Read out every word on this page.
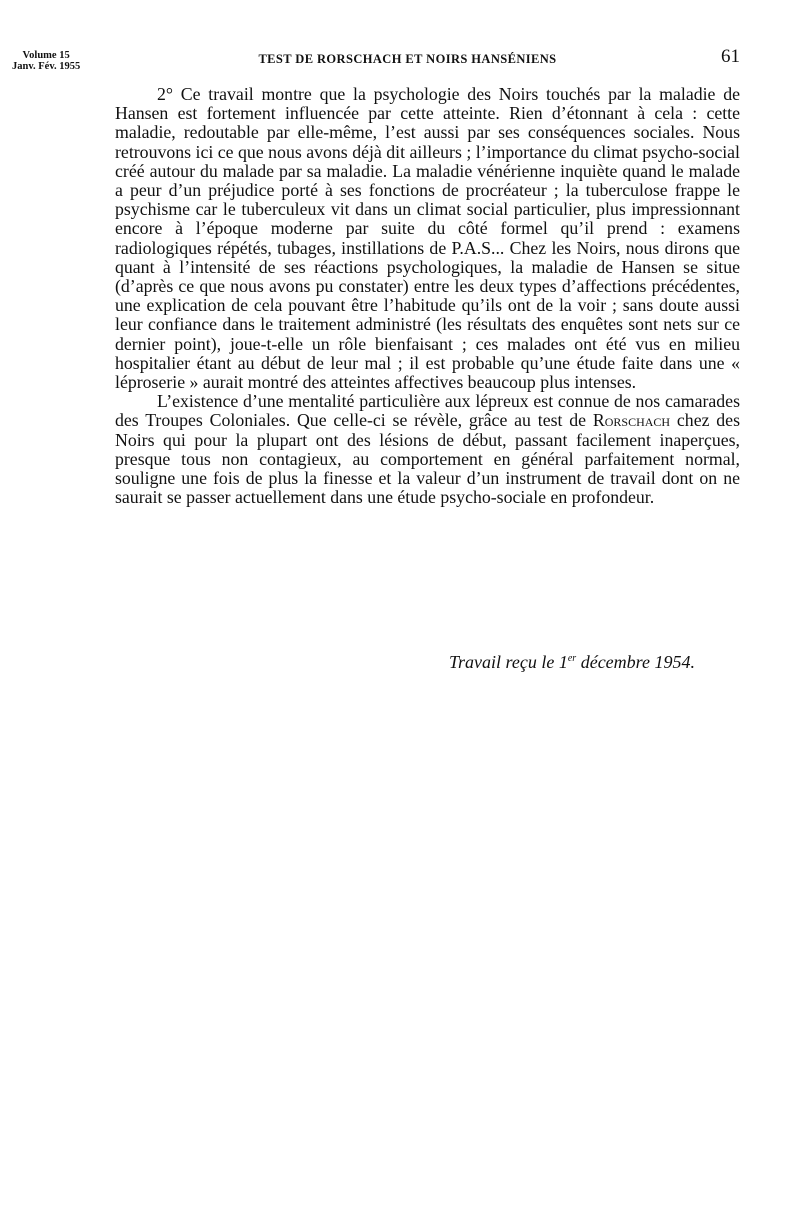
Volume 15
Janv. Fév. 1955
TEST DE RORSCHACH ET NOIRS HANSÉNIENS	61

2° Ce travail montre que la psychologie des Noirs touchés par la maladie de Hansen est fortement influencée par cette atteinte. Rien d’étonnant à cela : cette maladie, redoutable par elle-même, l’est aussi par ses conséquences sociales. Nous retrouvons ici ce que nous avons déjà dit ailleurs ; l’importance du climat psycho-social créé autour du malade par sa maladie. La maladie vénérienne inquiète quand le malade a peur d’un préjudice porté à ses fonctions de procréateur ; la tuberculose frappe le psychisme car le tuberculeux vit dans un climat social particulier, plus impressionnant encore à l’époque moderne par suite du côté formel qu’il prend : examens radiologiques répétés, tubages, instillations de P.A.S... Chez les Noirs, nous dirons que quant à l’intensité de ses réactions psychologiques, la maladie de Hansen se situe (d’après ce que nous avons pu constater) entre les deux types d’affections précédentes, une explication de cela pouvant être l’habitude qu’ils ont de la voir ; sans doute aussi leur confiance dans le traitement administré (les résultats des enquêtes sont nets sur ce dernier point), joue-t-elle un rôle bienfaisant ; ces malades ont été vus en milieu hospitalier étant au début de leur mal ; il est probable qu’une étude faite dans une « léproserie » aurait montré des atteintes affectives beaucoup plus intenses.

L’existence d’une mentalité particulière aux lépreux est connue de nos camarades des Troupes Coloniales. Que celle-ci se révèle, grâce au test de Rorschach chez des Noirs qui pour la plupart ont des lésions de début, passant facilement inaperçues, presque tous non contagieux, au comportement en général parfaitement normal, souligne une fois de plus la finesse et la valeur d’un instrument de travail dont on ne saurait se passer actuellement dans une étude psycho-sociale en profondeur.

Travail reçu le 1er décembre 1954.
